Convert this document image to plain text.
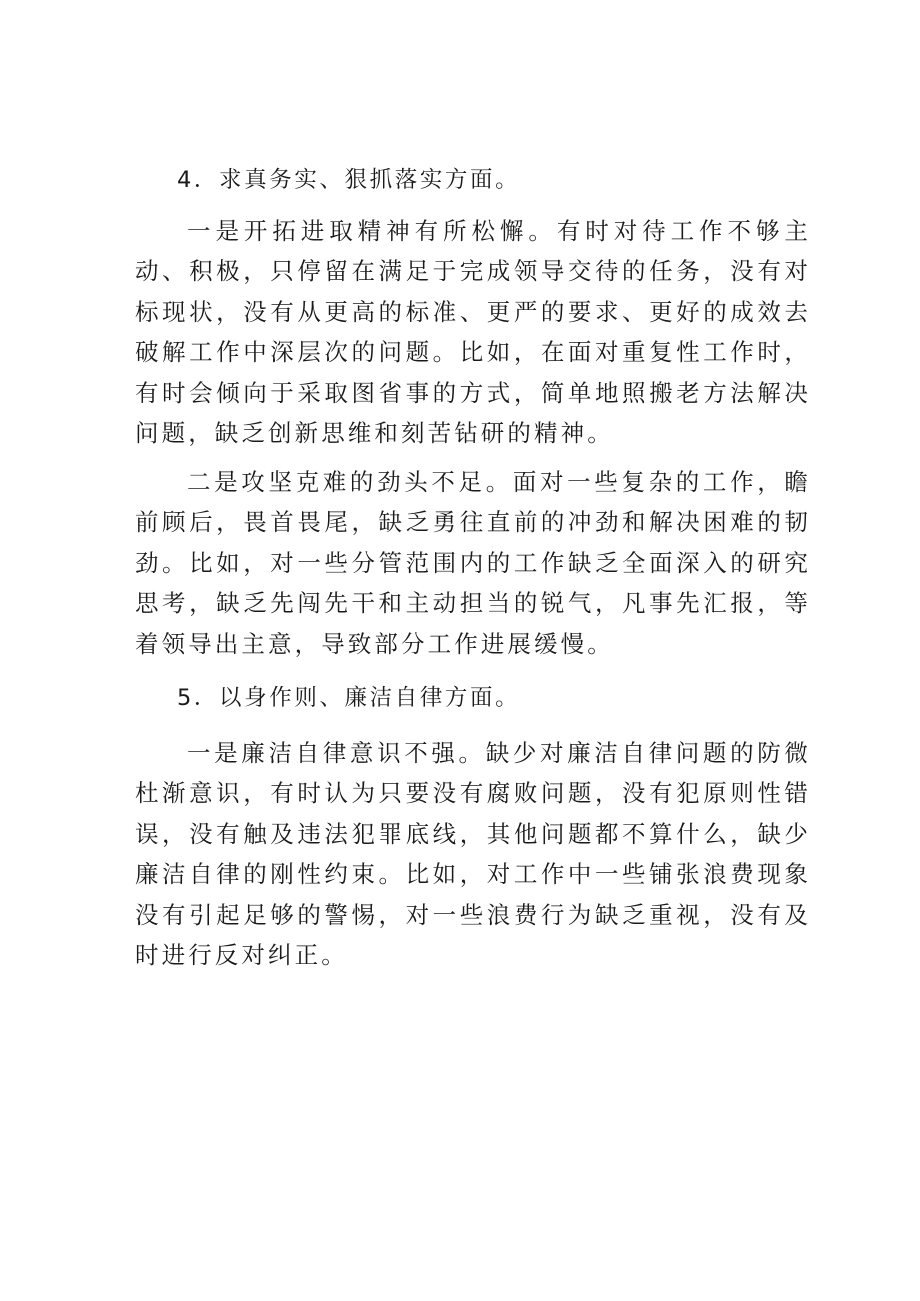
4．求真务实、狠抓落实方面。

一是开拓进取精神有所松懈。有时对待工作不够主动、积极，只停留在满足于完成领导交待的任务，没有对标现状，没有从更高的标准、更严的要求、更好的成效去破解工作中深层次的问题。比如，在面对重复性工作时，有时会倾向于采取图省事的方式，简单地照搬老方法解决问题，缺乏创新思维和刻苦钻研的精神。

二是攻坚克难的劲头不足。面对一些复杂的工作，瞻前顾后，畏首畏尾，缺乏勇往直前的冲劲和解决困难的韧劲。比如，对一些分管范围内的工作缺乏全面深入的研究思考，缺乏先闯先干和主动担当的锐气，凡事先汇报，等着领导出主意，导致部分工作进展缓慢。

5．以身作则、廉洁自律方面。

一是廉洁自律意识不强。缺少对廉洁自律问题的防微杜渐意识，有时认为只要没有腐败问题，没有犯原则性错误，没有触及违法犯罪底线，其他问题都不算什么，缺少廉洁自律的刚性约束。比如，对工作中一些铺张浪费现象没有引起足够的警惕，对一些浪费行为缺乏重视，没有及时进行反对纠正。
